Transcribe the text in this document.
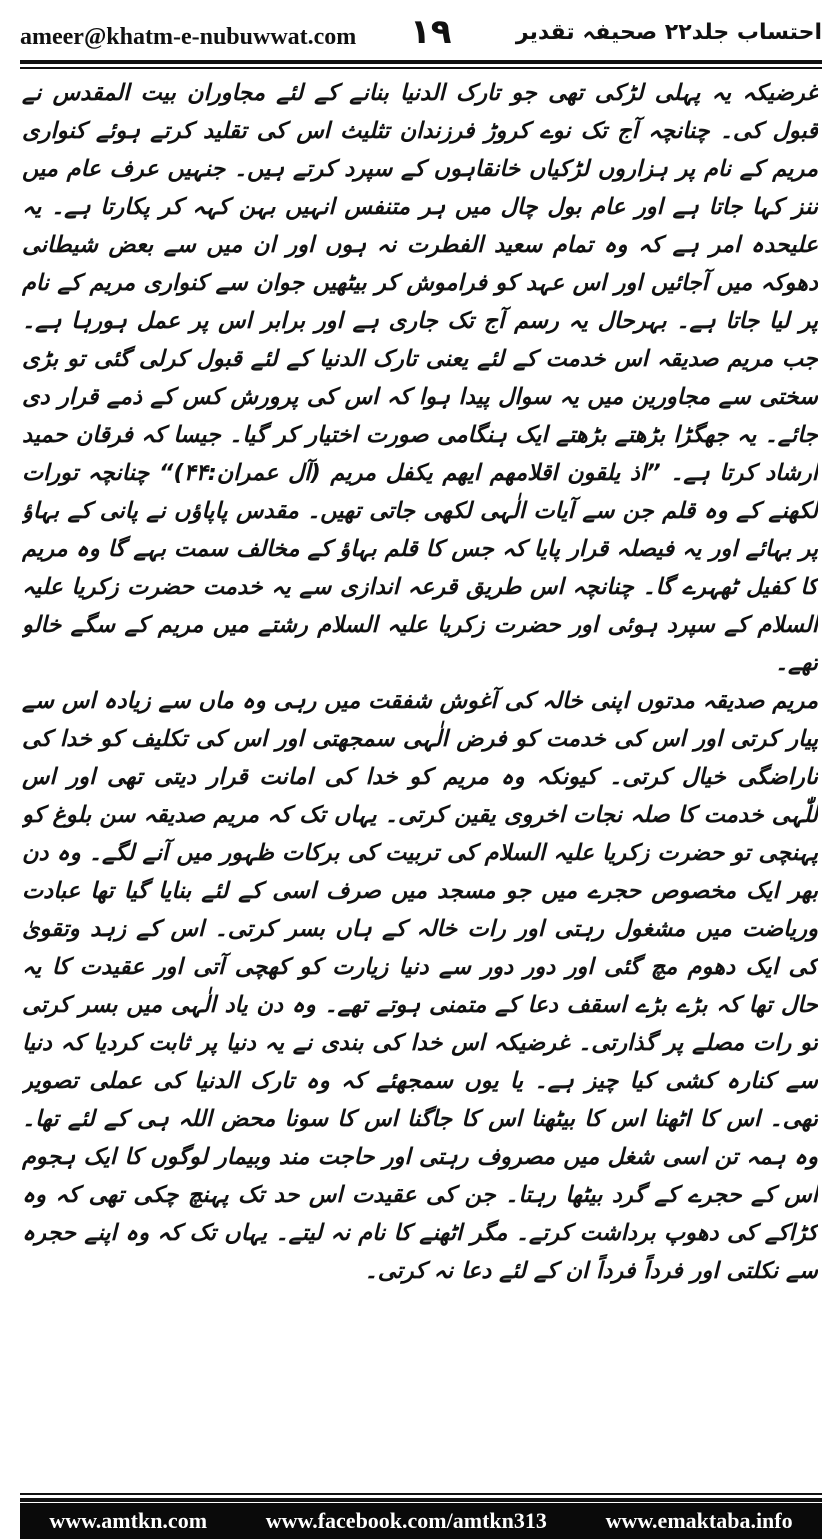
ameer@khatm-e-nubuwwat.com ۱۹	احتساب جلد۲۲ صحیفہ تقدیر

غرضیکہ یہ پہلی لڑکی تھی جو تارک الدنیا بنانے کے لئے مجاوران بیت المقدس نے قبول کی۔ چنانچہ آج تک نوے کروڑ فرزندان تثلیث اس کی تقلید کرتے ہوئے کنواری مریم کے نام پر ہزاروں لڑکیاں خانقاہوں کے سپرد کرتے ہیں۔ جنہیں عرف عام میں ننز کہا جاتا ہے اور عام بول چال میں ہر متنفس انہیں بہن کہہ کر پکارتا ہے۔ یہ علیحدہ امر ہے کہ وہ تمام سعید الفطرت نہ ہوں اور ان میں سے بعض شیطانی دھوکہ میں آجائیں اور اس عہد کو فراموش کر بیٹھیں جوان سے کنواری مریم کے نام پر لیا جاتا ہے۔ بہرحال یہ رسم آج تک جاری ہے اور برابر اس پر عمل ہورہا ہے۔ جب مریم صدیقہ اس خدمت کے لئے یعنی تارک الدنیا کے لئے قبول کرلی گئی تو بڑی سختی سے مجاورین میں یہ سوال پیدا ہوا کہ اس کی پرورش کس کے ذمے قرار دی جائے۔ یہ جھگڑا بڑھتے بڑھتے ایک ہنگامی صورت اختیار کر گیا۔ جیسا کہ فرقان حمید ارشاد کرتا ہے۔ ”اذ یلقون اقلامھم ایھم یکفل مریم (آل عمران:۴۴)“ چنانچہ تورات لکھنے کے وہ قلم جن سے آیات الٰہی لکھی جاتی تھیں۔ مقدس پاپاؤں نے پانی کے بہاؤ پر بہائے اور یہ فیصلہ قرار پایا کہ جس کا قلم بہاؤ کے مخالف سمت بہے گا وہ مریم کا کفیل ٹھہرے گا۔ چنانچہ اس طریق قرعہ اندازی سے یہ خدمت حضرت زکریا علیہ السلام کے سپرد ہوئی اور حضرت زکریا علیہ السلام رشتے میں مریم کے سگے خالو تھے۔

مریم صدیقہ مدتوں اپنی خالہ کی آغوش شفقت میں رہی وہ ماں سے زیادہ اس سے پیار کرتی اور اس کی خدمت کو فرض الٰہی سمجھتی اور اس کی تکلیف کو خدا کی ناراضگی خیال کرتی۔ کیونکہ وہ مریم کو خدا کی امانت قرار دیتی تھی اور اس للّٰہی خدمت کا صلہ نجات اخروی یقین کرتی۔ یہاں تک کہ مریم صدیقہ سن بلوغ کو پہنچی تو حضرت زکریا علیہ السلام کی تربیت کی برکات ظہور میں آنے لگے۔ وہ دن بھر ایک مخصوص حجرے میں جو مسجد میں صرف اسی کے لئے بنایا گیا تھا عبادت وریاضت میں مشغول رہتی اور رات خالہ کے ہاں بسر کرتی۔ اس کے زہد وتقویٰ کی ایک دھوم مچ گئی اور دور دور سے دنیا زیارت کو کھچی آتی اور عقیدت کا یہ حال تھا کہ بڑے بڑے اسقف دعا کے متمنی ہوتے تھے۔ وہ دن یاد الٰہی میں بسر کرتی تو رات مصلے پر گذارتی۔ غرضیکہ اس خدا کی بندی نے یہ دنیا پر ثابت کردیا کہ دنیا سے کنارہ کشی کیا چیز ہے۔ یا یوں سمجھئے کہ وہ تارک الدنیا کی عملی تصویر تھی۔ اس کا اٹھنا اس کا بیٹھنا اس کا جاگنا اس کا سونا محض اللہ ہی کے لئے تھا۔ وہ ہمہ تن اسی شغل میں مصروف رہتی اور حاجت مند وبیمار لوگوں کا ایک ہجوم اس کے حجرے کے گرد بیٹھا رہتا۔ جن کی عقیدت اس حد تک پہنچ چکی تھی کہ وہ کڑاکے کی دھوپ برداشت کرتے۔ مگر اٹھنے کا نام نہ لیتے۔ یہاں تک کہ وہ اپنے حجرہ سے نکلتی اور فرداً فرداً ان کے لئے دعا نہ کرتی۔

www.amtkn.com	www.facebook.com/amtkn313	www.emaktaba.info
